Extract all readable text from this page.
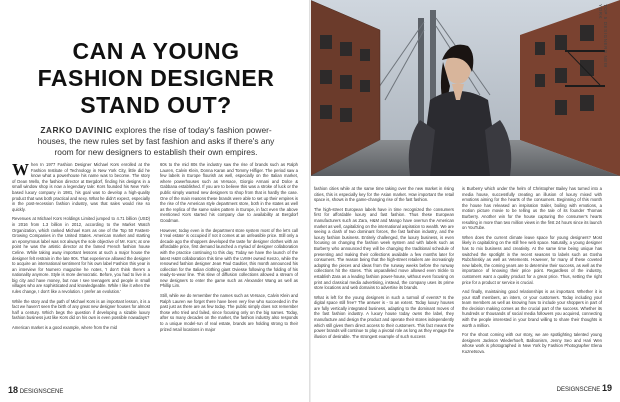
CAN A YOUNG
FASHION DESIGNER
STAND OUT?

ZARKO DAVINIC explores the rise of today's fashion power-houses, the new rules set by fast fashion and asks if there's any room for new designers to establish their own empires.

When In 1977 Fashion Designer Michael Kors enrolled at the Fashion Institute of Technology in New York City, little did he know what a powerhouse his name was to become. The story of Dean Mello, the fashion director at Bergdorf, finding his designs in a small window shop is now a legendary tale: Kors founded his New York-based luxury company in 1981, his goal was to develop a high-quality product that was both practical and sexy. What he didn't expect, especially in the post-recession fashion industry, was that sales would rise so quickly.

Revenues at Michael Kors Holdings Limited jumped to 4.71 billion (USD) in 2016 from 1.3 billion in 2012, according to the Market Watch Organization, which ranked Michael Kors as one of the Top 50 Fastest-Growing Companies in the United States. American market and starting an eponymous label was not always the sole objective of Mr. Kors; at one point he was the artistic director at the famed French fashion house Celine. While taking away important lessons at such a major house the designer felt restrain in the late 90s. That experience allowed the designer to acquire an international sentiment for his own label Fashion this year in an interview for Numero magazine he notes, 'I don't think there's a nationality anymore. Style is more democratic. Before, you had to live in a big city and have money, but now I see teenagers and people in small villages who are sophisticated and knowledgeable. While I like it when the rules change, I don't like a revolution. I prefer an evolution.'

While the story and the path of Michael Kors is an important lesson, it is a fact we haven't seen the birth of any great new designer houses for almost half a century. Which begs the question if developing a sizable luxury fashion business just like Kors did on his own is even possible nowadays?

American market is a good example, where from the mid

60s to the mid 80s the industry saw the rise of brands such as Ralph Lauren, Calvin Klein, Donna Karan and Tommy Hilfiger. The period saw a few labels in Europe flourish as well, especially on the Italian market, where powerhouses such as Versace, Giorgio Armani and Dolce & Gabbana established. If you are to believe this was a stroke of luck or the public simply wanted new designers to shop from that is hardly the case. One of the main reasons these brands were able to set up their empires is the rise of the American style department store, both in the states as well as the replica of the same sales pattern in Europe, in fact even the above mentioned Kors started his company due to availability at Bergdorf Goodman.

However, today even in the department store system most of the let's call it 'real estate' is occupied if not it comes at an unfeasible price. Still only a decade ago the shoppers developed the taste for designer clothes with an affordable price, first demand launched a myriad of designer collaboration with the practice continuing to this day. Today we have the launch of the latest H&M collaboration this time with the LVMH owned Kenzo, while the renowned fashion designer Jean Paul Gaultier, this month announced his collection for the Italian clothing giant Oviesse following the folding of his ready-to-wear line. This slew of diffusion collections allowed a stream of new designers to enter the game such as Alexander Wang as well as Phillip Lim.

Still, while we do remember the names such as Versace, Calvin Klein and Ralph Lauren we forget there have been very few who succeeded in the past just as there are as few today. The public simply does not remember those who tried and failed, since focusing only on the big names. Today, after so many decades on the market, the fashion industry also responds to a unique model-run of real estate, brands are holding strong to their prized retail locations in major

18 DESIGNSCENE

fashion cities while at the same time taking over the new market in rising cities, this is especially key for the Asian market. How important the retail space is, shows in the game-changing rise of the fast fashion.

The high-street European labels have in time recognized the consumers first for affordable luxury and fast fashion. Thus these European manufacturers such as Zara, H&M and Mango have overrun the American market as well, capitalizing on the international aspiration to wealth. We are seeing a clash of two dominant forces, the fast fashion industry, and the luxury fashion business. Entirely challenged, the luxury business, is even focusing on changing the fashion week system and with labels such as Burberry who announced they will be changing the traditional schedule of presenting and making their collections available a few months later for consumers. The reason being that the high-street retailers are increasingly adopting the pieces and ideas from the runway weeks before the runway collections hit the stores. This unparalleled move allowed even trickle to establish Zara as a leading fashion power-house, without even focusing on print and classical media advertising, instead, the company uses its prime store locations and web domains to advertise its brands.

What is left for the young designers in such a turmoil of events? Is the digital space still free? The answer is - to an extent. Today luxury houses are fully vertically integrated business, adapting to the dominant moves of the fast fashion industry. A luxury house today owns the label, they manufacture and design the product and operate their stores independently which still gives them direct access to their customers. This fact means the power brands will continue to play a pivotal role as long as they engage the illusion of desirable. The strongest example of such success

is Burberry which under the helm of Christopher Bailey has turned into a media house, successfully creating an illusion of luxury mixed with emotions aiming for the hearts of the consumers. Beginning of this month the house has released an inspiration trailer, boiling with emotions, a motion picture movie to be telling us the tale of its founder Thomas Burberry. Another win for the house capturing the consumer's hearts resulting in more than two million views in the first 24 hours since its launch on YouTube.

When does the current climate leave space for young designers? Most likely in capitalizing on the still free web space. Naturally, a young designer has to mix business and creativity. At the same time being unique has switched the spotlight in the recent seasons to labels such as Gosha Rubchinskiy as well as Vetements. However, for many of these coveted new labels, the coming years are to determine their success, as well as the importance of knowing their price point. Regardless of the industry, customers want a quality product for a great price. Thus, setting the right price for a product or service is crucial.

And finally, maintaining good relationships is as important. Whether it is your staff members, an intern, or your customers. Today including your team members as well as knowing how to include your shoppers in part of the decision making comes as the crucial part of the success. Whether its hundreds or thousands of social media followers you acquired, connecting with the people interested in your brand willing to share their thoughts is worth a million.

For the shoot coming with our story, we are spotlighting talented young designers Jackson Wiederhoeft, Balloonism, Jenny Seo and Hari Wen whose work is photographed in New York by Fashion Photographer Elena Kuznetsova.

DESIGNSCENE 19
TOP 5 DESIGNERS NEW YORK
